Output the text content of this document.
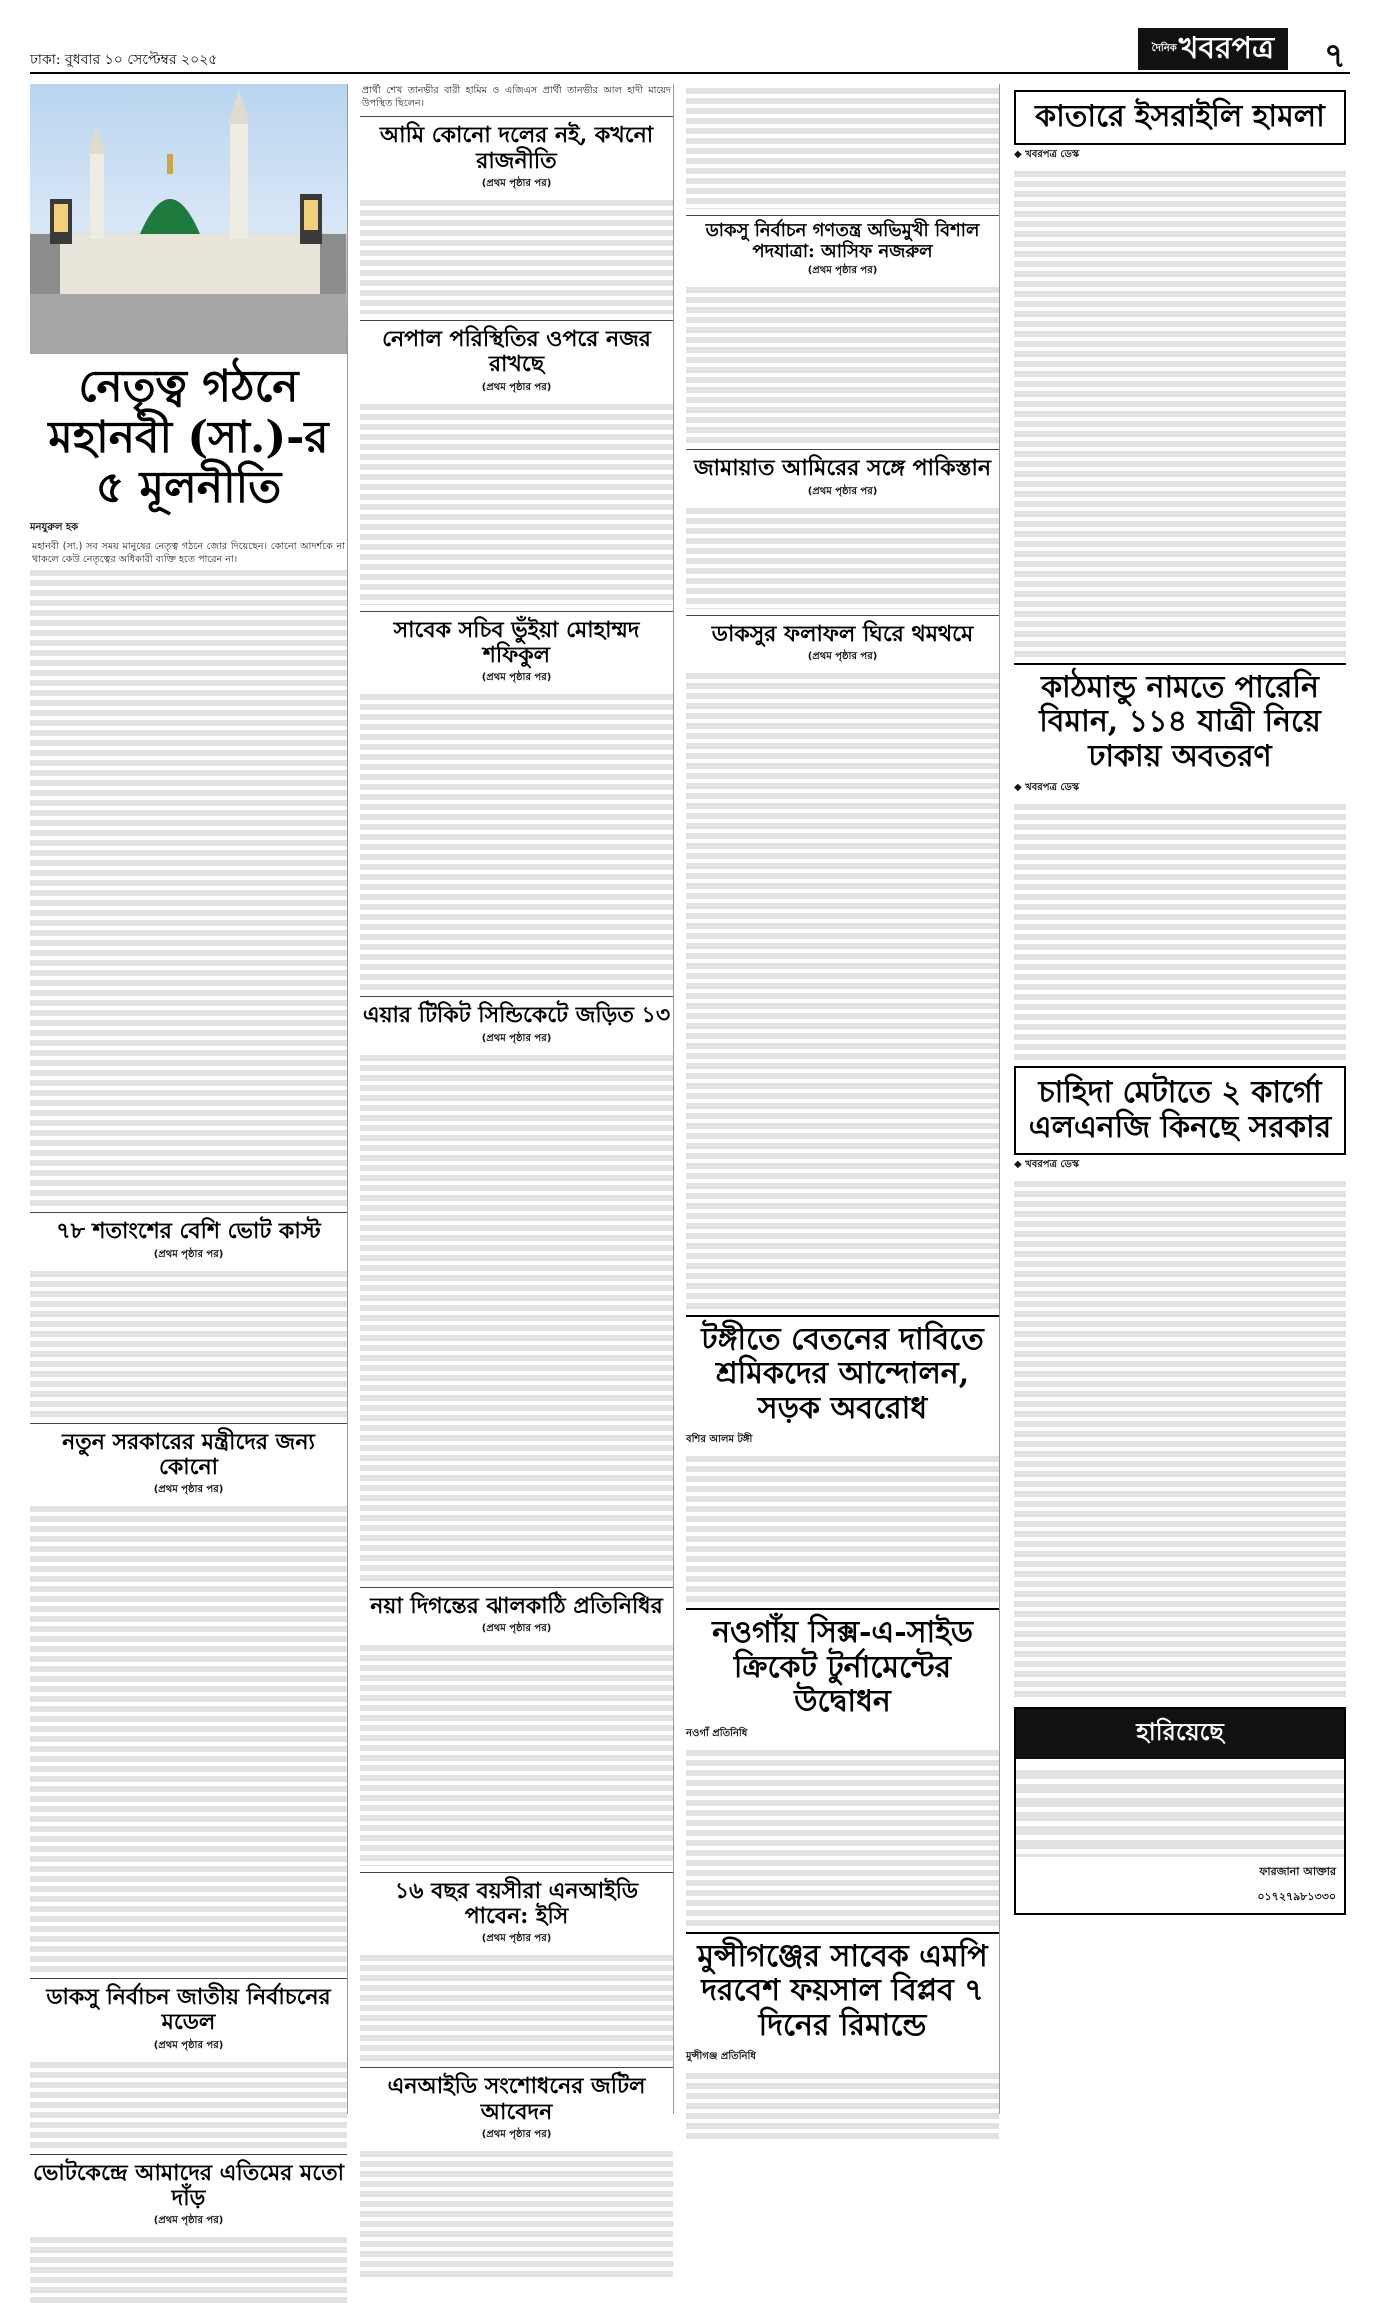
ঢাকা: বুধবার ১০ সেপ্টেম্বর ২০২৫
$^{দৈনিক}$খবরপত্র	৭
নেতৃত্ব গঠনে মহানবী (সা.)-র ৫ মূলনীতি
মনযুরুল হক
মহানবী (সা.) সব সময় মানুষের নেতৃত্ব গঠনে জোর দিয়েছেন। কোনো আদর্শকে না থাকলে কেউ নেতৃত্বের অধিকারী ব্যক্তি হতে পারেন না।
৭৮ শতাংশের বেশি ভোট কাস্ট
(প্রথম পৃষ্ঠার পর)
নতুন সরকারের মন্ত্রীদের জন্য কোনো
(প্রথম পৃষ্ঠার পর)
ডাকসু নির্বাচন জাতীয় নির্বাচনের মডেল
(প্রথম পৃষ্ঠার পর)
ভোটকেন্দ্রে আমাদের এতিমের মতো দাঁড়
(প্রথম পৃষ্ঠার পর)
প্রার্থী শেখ তানভীর বারী হামিম ও এজিএস প্রার্থী তানভীর আল হাদী মায়েদ উপস্থিত ছিলেন।
আমি কোনো দলের নই, কখনো রাজনীতি
(প্রথম পৃষ্ঠার পর)
নেপাল পরিস্থিতির ওপরে নজর রাখছে
(প্রথম পৃষ্ঠার পর)
সাবেক সচিব ভুঁইয়া মোহাম্মদ শফিকুল
(প্রথম পৃষ্ঠার পর)
এয়ার টিকিট সিন্ডিকেটে জড়িত ১৩
(প্রথম পৃষ্ঠার পর)
নয়া দিগন্তের ঝালকাঠি প্রতিনিধির
(প্রথম পৃষ্ঠার পর)
১৬ বছর বয়সীরা এনআইডি পাবেন: ইসি
(প্রথম পৃষ্ঠার পর)
এনআইডি সংশোধনের জটিল আবেদন
(প্রথম পৃষ্ঠার পর)
ডাকসু নির্বাচন গণতন্ত্র অভিমুখী বিশাল পদযাত্রা: আসিফ নজরুল
(প্রথম পৃষ্ঠার পর)
জামায়াত আমিরের সঙ্গে পাকিস্তান
(প্রথম পৃষ্ঠার পর)
ডাকসুর ফলাফল ঘিরে থমথমে
(প্রথম পৃষ্ঠার পর)
টঙ্গীতে বেতনের দাবিতে শ্রমিকদের আন্দোলন, সড়ক অবরোধ
বশির আলম টঙ্গী
নওগাঁয় সিক্স-এ-সাইড ক্রিকেট টুর্নামেন্টের উদ্বোধন
নওগাঁ প্রতিনিধি
মুন্সীগঞ্জের সাবেক এমপি দরবেশ ফয়সাল বিপ্লব ৭ দিনের রিমান্ডে
মুন্সীগঞ্জ প্রতিনিধি
কাতারে ইসরাইলি হামলা
◆ খবরপত্র ডেস্ক
কাঠমান্ডু নামতে পারেনি বিমান, ১১৪ যাত্রী নিয়ে ঢাকায় অবতরণ
◆ খবরপত্র ডেস্ক
চাহিদা মেটাতে ২ কার্গো এলএনজি কিনছে সরকার
◆ খবরপত্র ডেস্ক
হারিয়েছে
ফারজানা আক্তার
০১৭২৭৯৮১৩৩০
